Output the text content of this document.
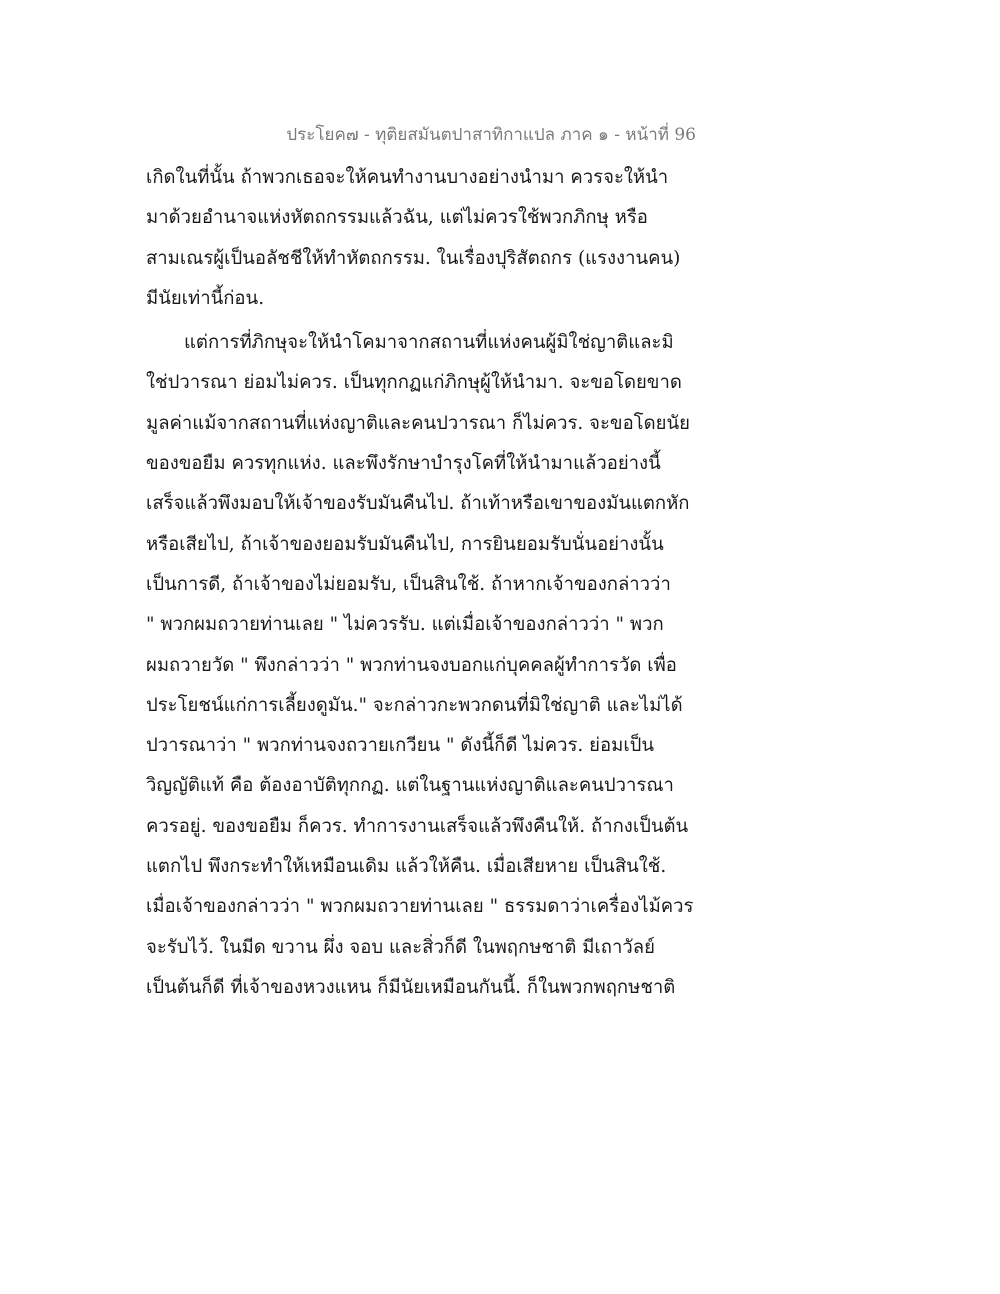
ประโยค๗ - ทุติยสมันตปาสาทิกาแปล ภาค ๑ - หน้าที่ 96
เกิดในที่นั้น ถ้าพวกเธอจะให้คนทำงานบางอย่างนำมา ควรจะให้นำ
มาด้วยอำนาจแห่งหัตถกรรมแล้วฉัน, แต่ไม่ควรใช้พวกภิกษุ หรือ
สามเณรผู้เป็นอลัชชีให้ทำหัตถกรรม. ในเรื่องปุริสัตถกร (แรงงานคน)
มีนัยเท่านี้ก่อน.
แต่การที่ภิกษุจะให้นำโคมาจากสถานที่แห่งคนผู้มิใช่ญาติและมิ
ใช่ปวารณา ย่อมไม่ควร. เป็นทุกกฏแก่ภิกษุผู้ให้นำมา. จะขอโดยขาด
มูลค่าแม้จากสถานที่แห่งญาติและคนปวารณา ก็ไม่ควร. จะขอโดยนัย
ของขอยืม ควรทุกแห่ง. และพึงรักษาบำรุงโคที่ให้นำมาแล้วอย่างนี้
เสร็จแล้วพึงมอบให้เจ้าของรับมันคืนไป. ถ้าเท้าหรือเขาของมันแตกหัก
หรือเสียไป, ถ้าเจ้าของยอมรับมันคืนไป, การยินยอมรับนั่นอย่างนั้น
เป็นการดี, ถ้าเจ้าของไม่ยอมรับ, เป็นสินใช้. ถ้าหากเจ้าของกล่าวว่า
" พวกผมถวายท่านเลย " ไม่ควรรับ. แต่เมื่อเจ้าของกล่าวว่า " พวก
ผมถวายวัด " พึงกล่าวว่า " พวกท่านจงบอกแก่บุคคลผู้ทำการวัด เพื่อ
ประโยชน์แก่การเลี้ยงดูมัน." จะกล่าวกะพวกดนที่มิใช่ญาติ และไม่ได้
ปวารณาว่า " พวกท่านจงถวายเกวียน " ดังนี้ก็ดี ไม่ควร. ย่อมเป็น
วิญญัติแท้ คือ ต้องอาบัติทุกกฏ. แต่ในฐานแห่งญาติและคนปวารณา
ควรอยู่. ของขอยืม ก็ควร. ทำการงานเสร็จแล้วพึงคืนให้. ถ้ากงเป็นต้น
แตกไป พึงกระทำให้เหมือนเดิม แล้วให้คืน. เมื่อเสียหาย เป็นสินใช้.
เมื่อเจ้าของกล่าวว่า " พวกผมถวายท่านเลย " ธรรมดาว่าเครื่องไม้ควร
จะรับไว้. ในมีด ขวาน ผึ่ง จอบ และสิ่วก็ดี ในพฤกษชาติ มีเถาวัลย์
เป็นต้นก็ดี ที่เจ้าของหวงแหน ก็มีนัยเหมือนกันนี้. ก็ในพวกพฤกษชาติ
